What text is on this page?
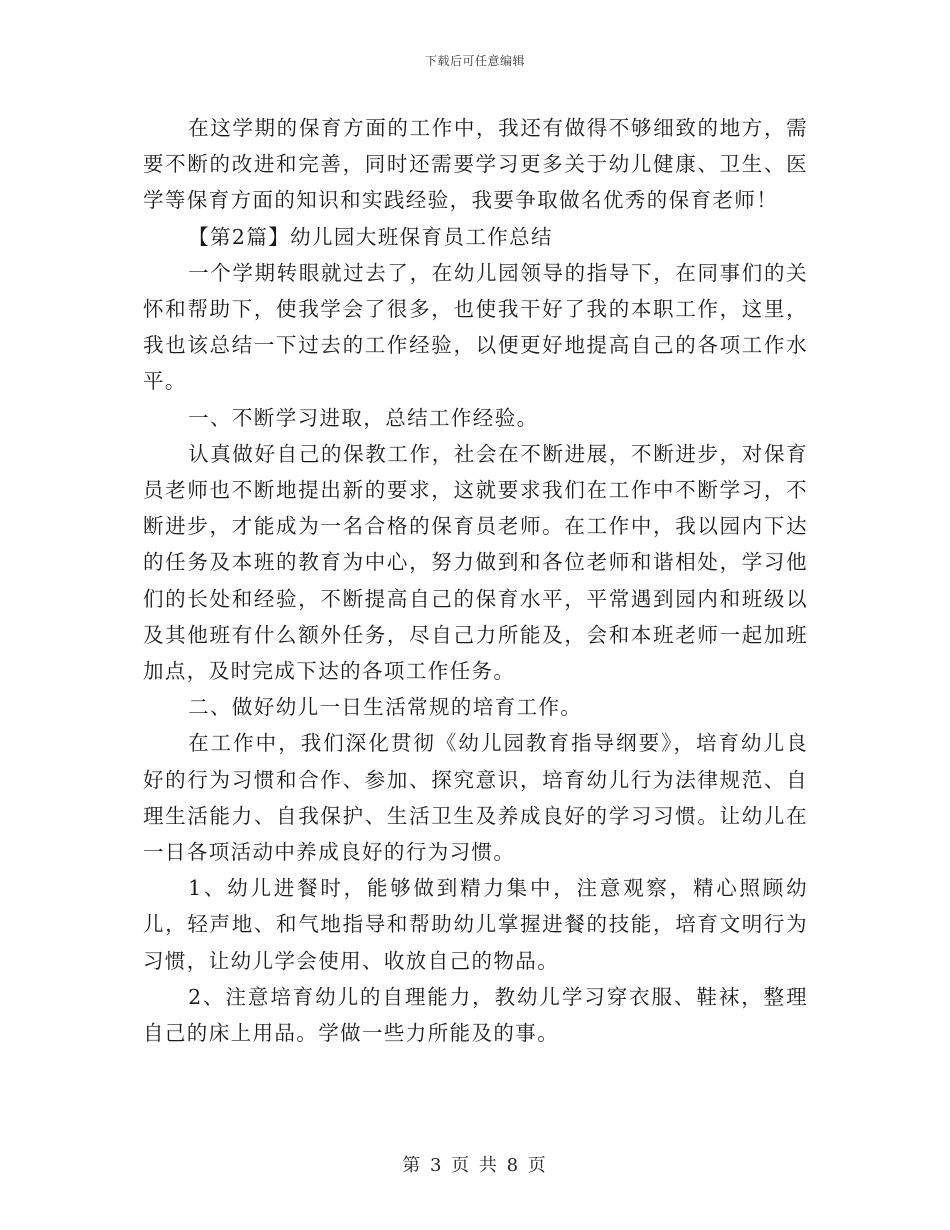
下载后可任意编辑

在这学期的保育方面的工作中，我还有做得不够细致的地方，需要不断的改进和完善，同时还需要学习更多关于幼儿健康、卫生、医学等保育方面的知识和实践经验，我要争取做名优秀的保育老师！

【第2篇】幼儿园大班保育员工作总结

一个学期转眼就过去了，在幼儿园领导的指导下，在同事们的关怀和帮助下，使我学会了很多，也使我干好了我的本职工作，这里，我也该总结一下过去的工作经验，以便更好地提高自己的各项工作水平。

一、不断学习进取，总结工作经验。

认真做好自己的保教工作，社会在不断进展，不断进步，对保育员老师也不断地提出新的要求，这就要求我们在工作中不断学习，不断进步，才能成为一名合格的保育员老师。在工作中，我以园内下达的任务及本班的教育为中心，努力做到和各位老师和谐相处，学习他们的长处和经验，不断提高自己的保育水平，平常遇到园内和班级以及其他班有什么额外任务，尽自己力所能及，会和本班老师一起加班加点，及时完成下达的各项工作任务。

二、做好幼儿一日生活常规的培育工作。

在工作中，我们深化贯彻《幼儿园教育指导纲要》，培育幼儿良好的行为习惯和合作、参加、探究意识，培育幼儿行为法律规范、自理生活能力、自我保护、生活卫生及养成良好的学习习惯。让幼儿在一日各项活动中养成良好的行为习惯。

1、幼儿进餐时，能够做到精力集中，注意观察，精心照顾幼儿，轻声地、和气地指导和帮助幼儿掌握进餐的技能，培育文明行为习惯，让幼儿学会使用、收放自己的物品。

2、注意培育幼儿的自理能力，教幼儿学习穿衣服、鞋袜，整理自己的床上用品。学做一些力所能及的事。

第 3 页 共 8 页
